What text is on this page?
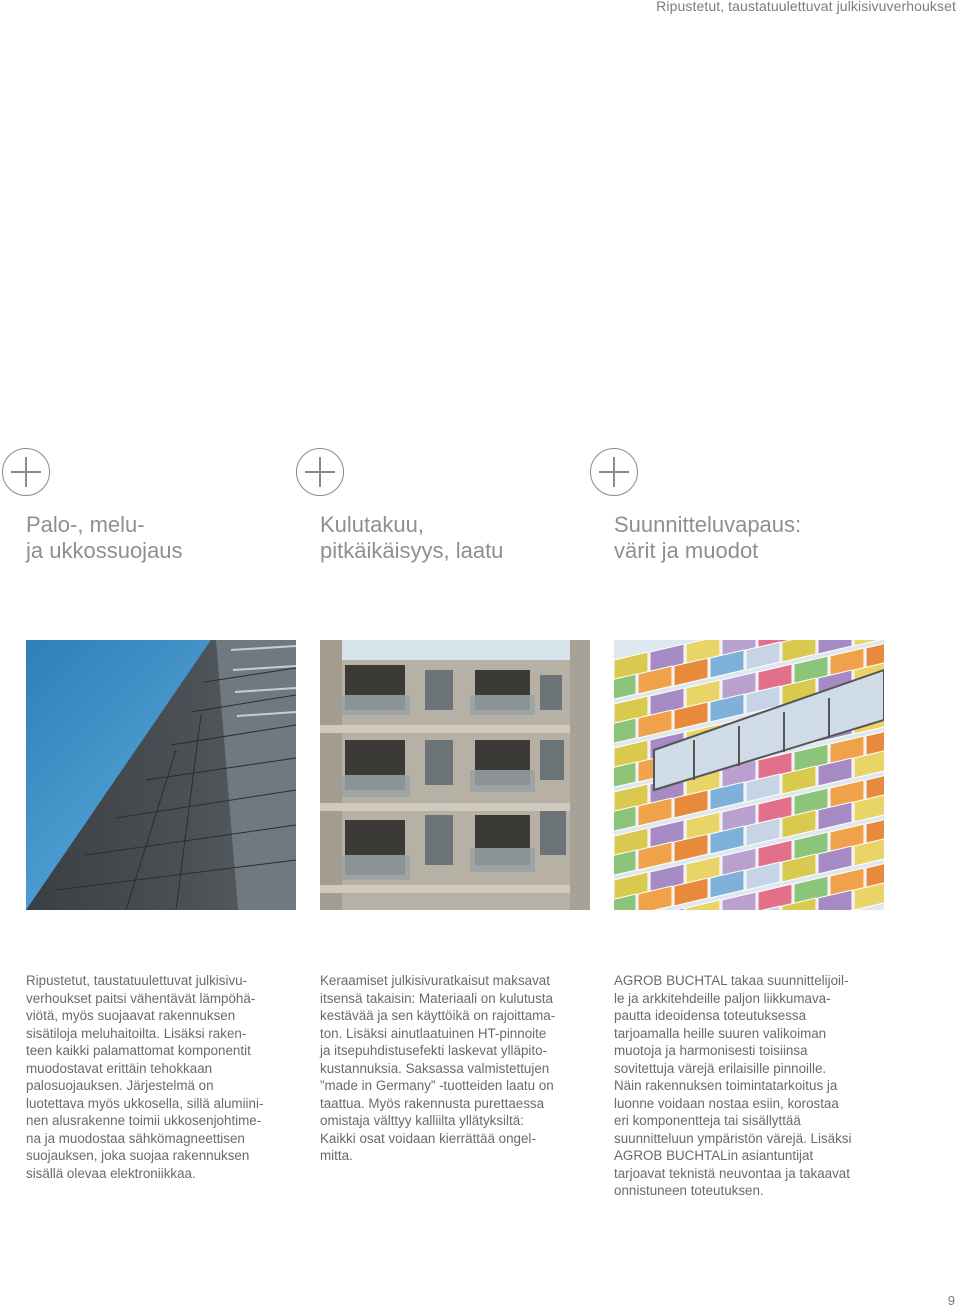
Ripustetut, taustatuulettuvat julkisivuverhoukset
Palo-, melu-
ja ukkossuojaus

Ripustetut, taustatuulettuvat julkisivu-
verhoukset paitsi vähentävät lämpöhä-
viötä, myös suojaavat rakennuksen
sisätiloja meluhaitoilta. Lisäksi raken-
teen kaikki palamattomat komponentit
muodostavat erittäin tehokkaan
palosuojauksen. Järjestelmä on
luotettava myös ukkosella, sillä alumiini-
nen alusrakenne toimii ukkosenjohtime-
na ja muodostaa sähkömagneettisen
suojauksen, joka suojaa rakennuksen
sisällä olevaa elektroniikkaa.

Kulutakuu,
pitkäikäisyys, laatu

Keraamiset julkisivuratkaisut maksavat
itsensä takaisin: Materiaali on kulutusta
kestävää ja sen käyttöikä on rajoittama-
ton. Lisäksi ainutlaatuinen HT-pinnoite
ja itsepuhdistusefekti laskevat ylläpito-
kustannuksia. Saksassa valmistettujen
”made in Germany” -tuotteiden laatu on
taattua. Myös rakennusta purettaessa
omistaja välttyy kalliilta yllätyksiltä:
Kaikki osat voidaan kierrättää ongel-
mitta.

Suunnitteluvapaus:
värit ja muodot

AGROB BUCHTAL takaa suunnittelijoil-
le ja arkkitehdeille paljon liikkumava-
pautta ideoidensa toteutuksessa
tarjoamalla heille suuren valikoiman
muotoja ja harmonisesti toisiinsa
sovitettuja värejä erilaisille pinnoille.
Näin rakennuksen toimintatarkoitus ja
luonne voidaan nostaa esiin, korostaa
eri komponentteja tai sisällyttää
suunnitteluun ympäristön värejä. Lisäksi
AGROB BUCHTALin asiantuntijat
tarjoavat teknistä neuvontaa ja takaavat
onnistuneen toteutuksen.

9
